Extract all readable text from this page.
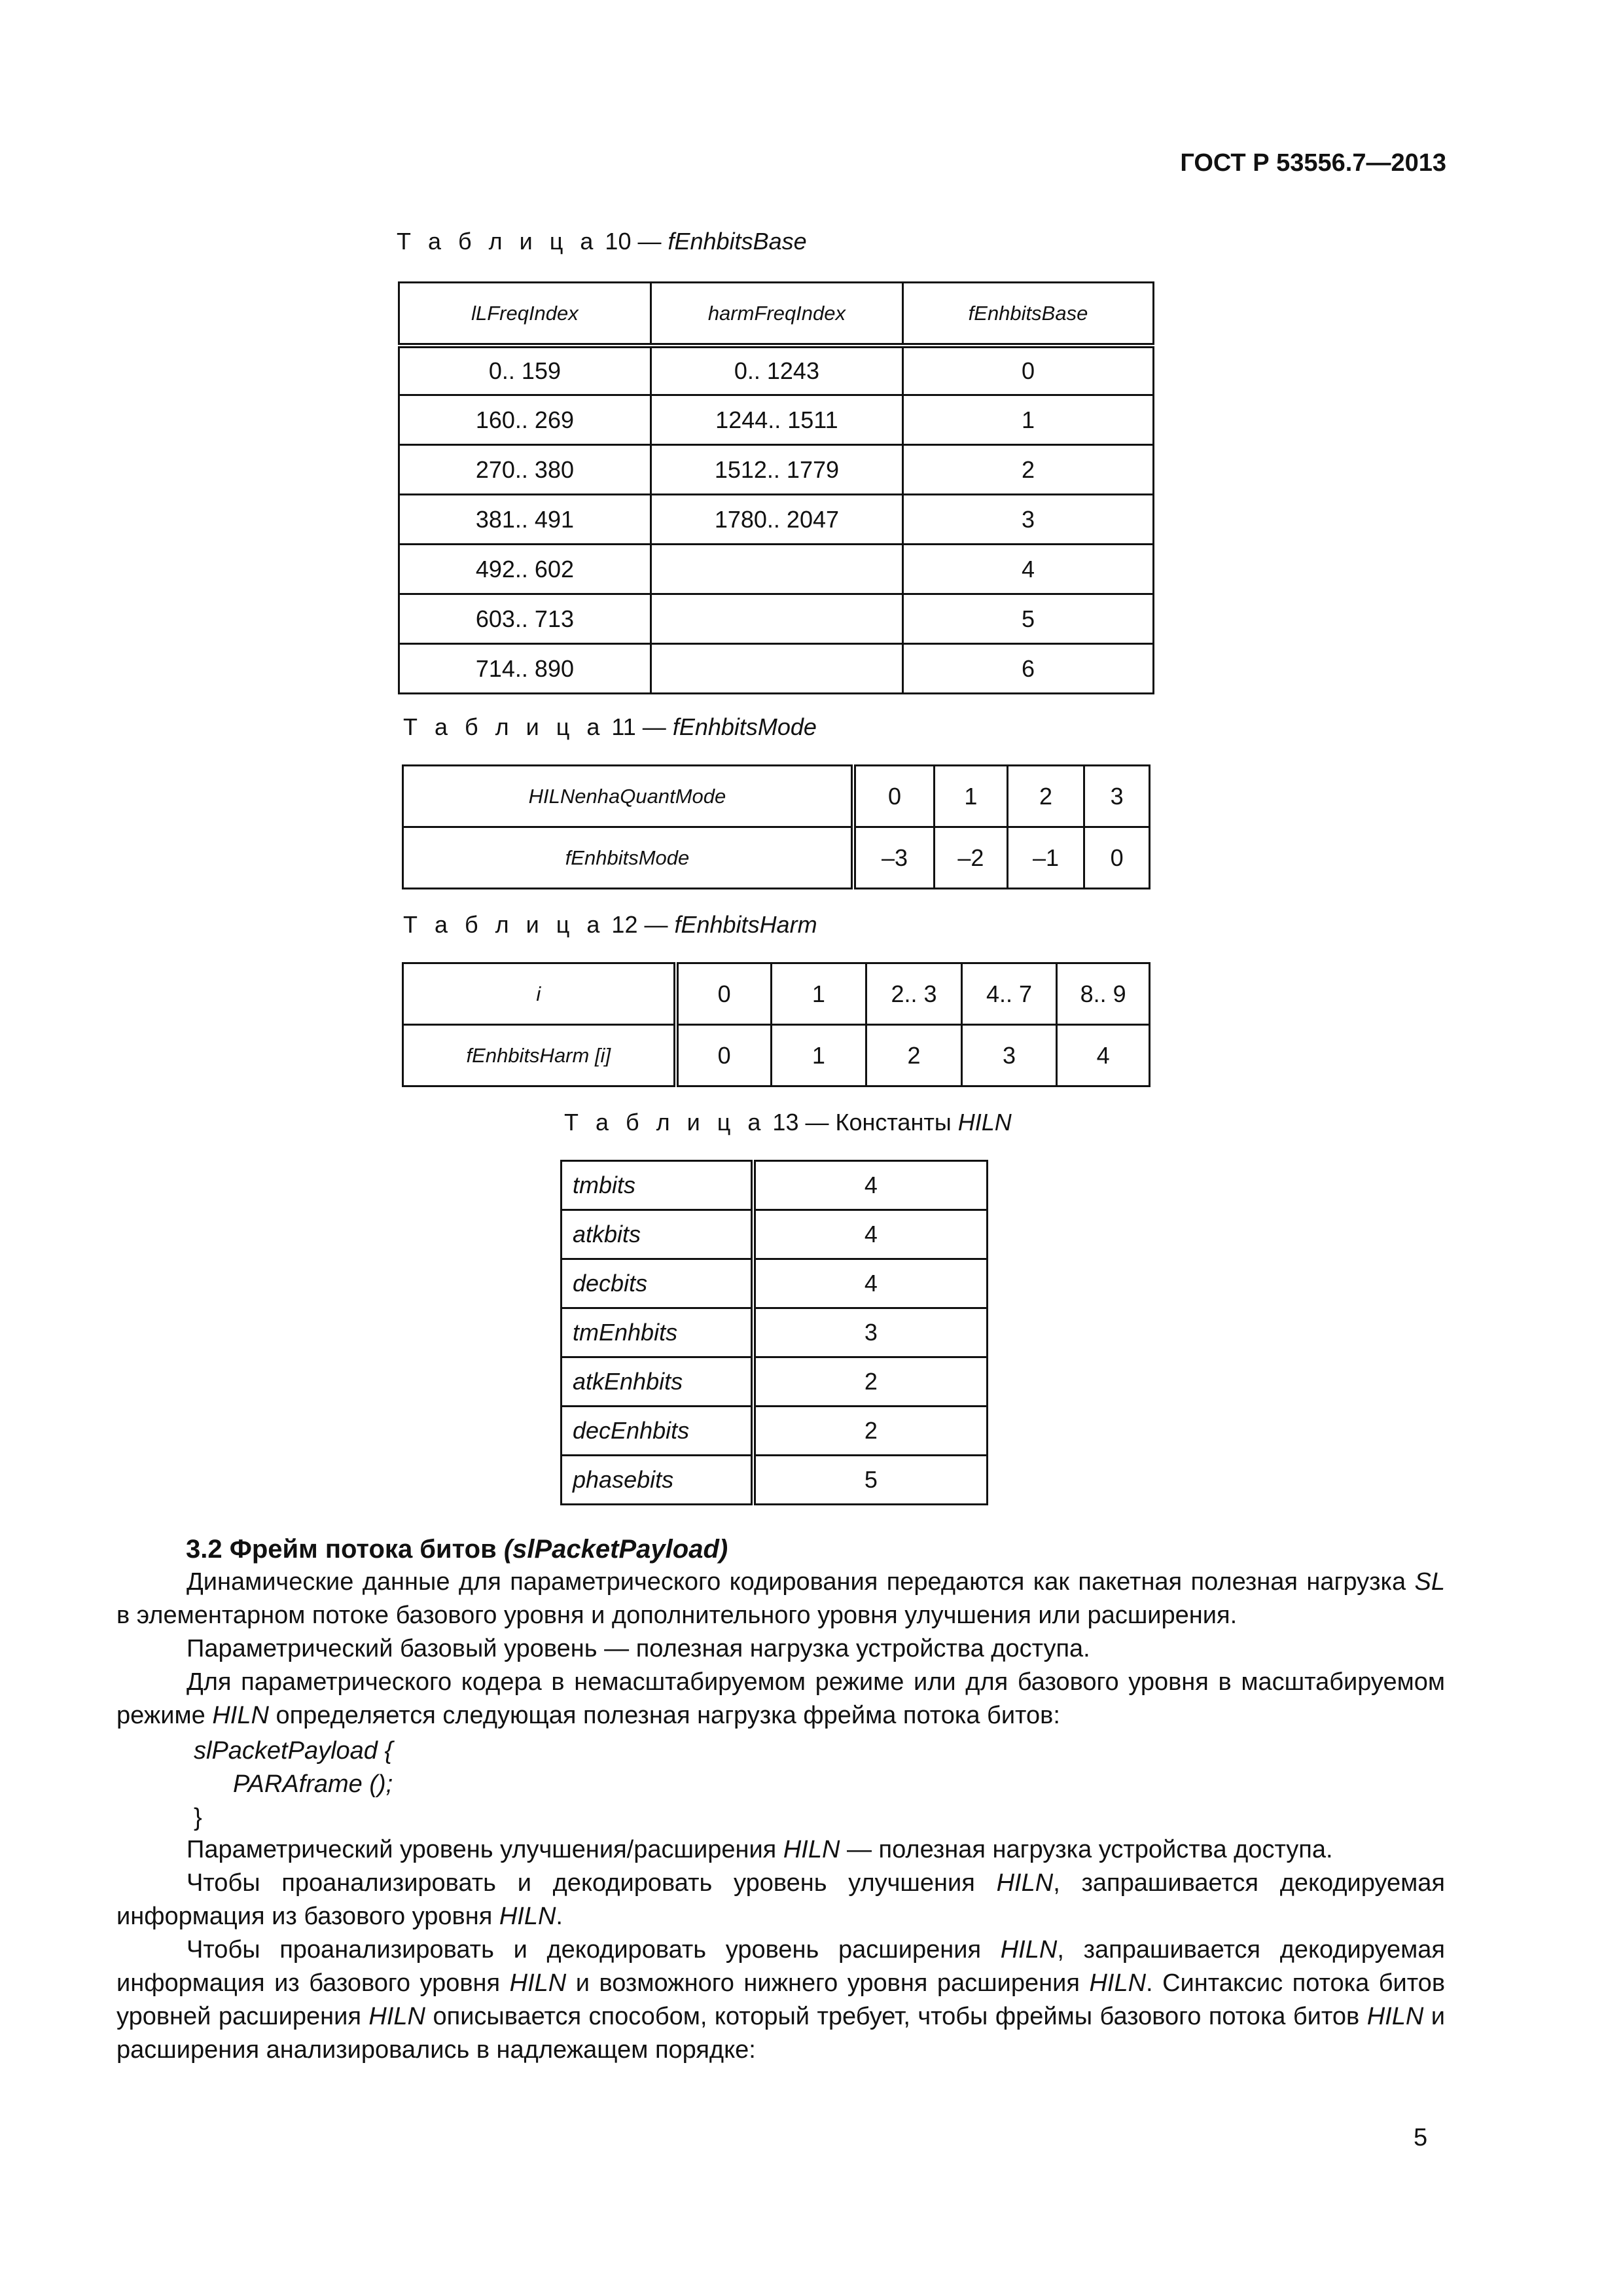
ГОСТ Р 53556.7—2013
Т а б л и ц а 10 — fEnhbitsBase
lLFreqIndex	harmFreqIndex	fEnhbitsBase
0.. 159	0.. 1243	0
160.. 269	1244.. 1511	1
270.. 380	1512.. 1779	2
381.. 491	1780.. 2047	3
492.. 602		4
603.. 713		5
714.. 890		6
Т а б л и ц а 11 — fEnhbitsMode
HILNenhaQuantMode	0	1	2	3
fEnhbitsMode	–3	–2	–1	0
Т а б л и ц а 12 — fEnhbitsHarm
i	0	1	2.. 3	4.. 7	8.. 9
fEnhbitsHarm [i]	0	1	2	3	4
Т а б л и ц а 13 — Константы HILN
tmbits	4
atkbits	4
decbits	4
tmEnhbits	3
atkEnhbits	2
decEnhbits	2
phasebits	5
3.2 Фрейм потока битов (slPacketPayload)

Динамические данные для параметрического кодирования передаются как пакетная полезная нагрузка SL в элементарном потоке базового уровня и дополнительного уровня улучшения или расширения.

Параметрический базовый уровень — полезная нагрузка устройства доступа.

Для параметрического кодера в немасштабируемом режиме или для базового уровня в масштабируемом режиме HILN определяется следующая полезная нагрузка фрейма потока битов:

slPacketPayload {
PARAframe ();
}

Параметрический уровень улучшения/расширения HILN — полезная нагрузка устройства доступа.

Чтобы проанализировать и декодировать уровень улучшения HILN, запрашивается декодируемая информация из базового уровня HILN.

Чтобы проанализировать и декодировать уровень расширения HILN, запрашивается декодируемая информация из базового уровня HILN и возможного нижнего уровня расширения HILN. Синтаксис потока битов уровней расширения HILN описывается способом, который требует, чтобы фреймы базового потока битов HILN и расширения анализировались в надлежащем порядке:

5
